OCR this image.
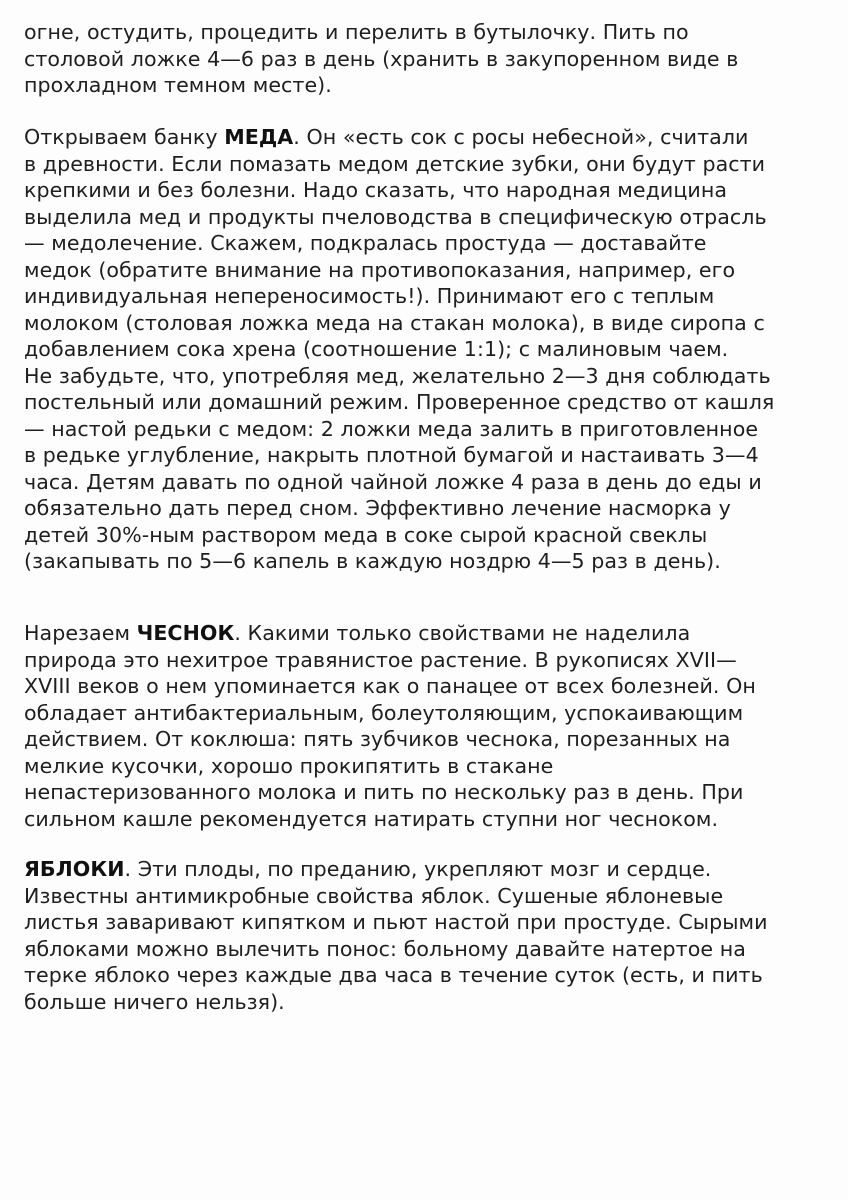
огне, остудить, процедить и перелить в бутылочку. Пить по
столовой ложке 4—6 раз в день (хранить в закупоренном виде в
прохладном темном месте).
Открываем банку МЕДА. Он «есть сок с росы небесной», считали
в древности. Если помазать медом детские зубки, они будут расти
крепкими и без болезни. Надо сказать, что народная медицина
выделила мед и продукты пчеловодства в специфическую отрасль
— медолечение. Скажем, подкралась простуда — доставайте
медок (обратите внимание на противопоказания, например, его
индивидуальная непереносимость!). Принимают его с теплым
молоком (столовая ложка меда на стакан молока), в виде сиропа с
добавлением сока хрена (соотношение 1:1); с малиновым чаем.
Не забудьте, что, употребляя мед, желательно 2—3 дня соблюдать
постельный или домашний режим. Проверенное средство от кашля
— настой редьки с медом: 2 ложки меда залить в приготовленное
в редьке углубление, накрыть плотной бумагой и настаивать 3—4
часа. Детям давать по одной чайной ложке 4 раза в день до еды и
обязательно дать перед сном. Эффективно лечение насморка у
детей 30%-ным раствором меда в соке сырой красной свеклы
(закапывать по 5—6 капель в каждую ноздрю 4—5 раз в день).
Нарезаем ЧЕСНОК. Какими только свойствами не наделила
природа это нехитрое травянистое растение. В рукописях XVII—
XVIII веков о нем упоминается как о панацее от всех болезней. Он
обладает антибактериальным, болеутоляющим, успокаивающим
действием. От коклюша: пять зубчиков чеснока, порезанных на
мелкие кусочки, хорошо прокипятить в стакане
непастеризованного молока и пить по нескольку раз в день. При
сильном кашле рекомендуется натирать ступни ног чесноком.
ЯБЛОКИ. Эти плоды, по преданию, укрепляют мозг и сердце.
Известны антимикробные свойства яблок. Сушеные яблоневые
листья заваривают кипятком и пьют настой при простуде. Сырыми
яблоками можно вылечить понос: больному давайте натертое на
терке яблоко через каждые два часа в течение суток (есть, и пить
больше ничего нельзя).
